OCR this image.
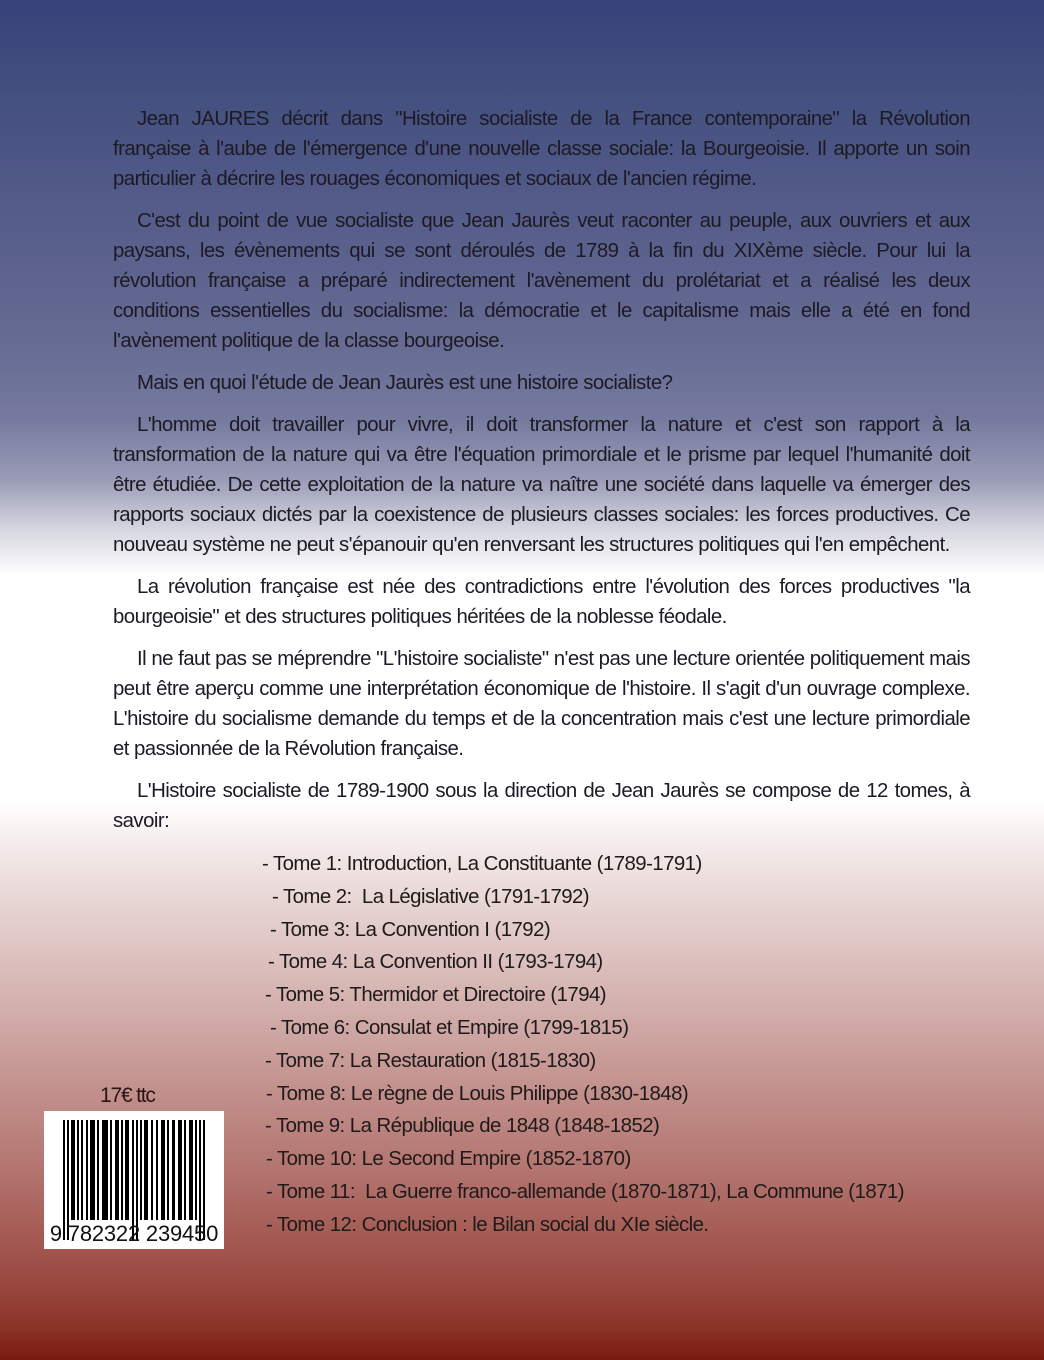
Jean JAURES décrit dans "Histoire socialiste de la France contemporaine" la Révolution française à l'aube de l'émergence d'une nouvelle classe sociale: la Bourgeoisie. Il apporte un soin particulier à décrire les rouages économiques et sociaux de l'ancien régime.

C'est du point de vue socialiste que Jean Jaurès veut raconter au peuple, aux ouvriers et aux paysans, les évènements qui se sont déroulés de 1789 à la fin du XIXème siècle. Pour lui la révolution française a préparé indirectement l'avènement du prolétariat et a réalisé les deux conditions essentielles du socialisme: la démocratie et le capitalisme mais elle a été en fond l'avènement politique de la classe bourgeoise.

Mais en quoi l'étude de Jean Jaurès est une histoire socialiste?

L'homme doit travailler pour vivre, il doit transformer la nature et c'est son rapport à la transformation de la nature qui va être l'équation primordiale et le prisme par lequel l'humanité doit être étudiée. De cette exploitation de la nature va naître une société dans laquelle va émerger des rapports sociaux dictés par la coexistence de plusieurs classes sociales: les forces productives. Ce nouveau système ne peut s'épanouir qu'en renversant les structures politiques qui l'en empêchent.

La révolution française est née des contradictions entre l'évolution des forces productives "la bourgeoisie" et des structures politiques héritées de la noblesse féodale.

Il ne faut pas se méprendre "L'histoire socialiste" n'est pas une lecture orientée politiquement mais peut être aperçu comme une interprétation économique de l'histoire. Il s'agit d'un ouvrage complexe. L'histoire du socialisme demande du temps et de la concentration mais c'est une lecture primordiale et passionnée de la Révolution française.

L'Histoire socialiste de 1789-1900 sous la direction de Jean Jaurès se compose de 12 tomes, à savoir:

- Tome 1: Introduction, La Constituante (1789-1791)
- Tome 2:  La Législative (1791-1792)
- Tome 3: La Convention I (1792)
- Tome 4: La Convention II (1793-1794)
- Tome 5: Thermidor et Directoire (1794)
- Tome 6: Consulat et Empire (1799-1815)
- Tome 7: La Restauration (1815-1830)
- Tome 8: Le règne de Louis Philippe (1830-1848)
- Tome 9: La République de 1848 (1848-1852)
- Tome 10: Le Second Empire (1852-1870)
- Tome 11:  La Guerre franco-allemande (1870-1871), La Commune (1871)
- Tome 12: Conclusion : le Bilan social du XIe siècle.
17€ ttc
9 782322 239450
